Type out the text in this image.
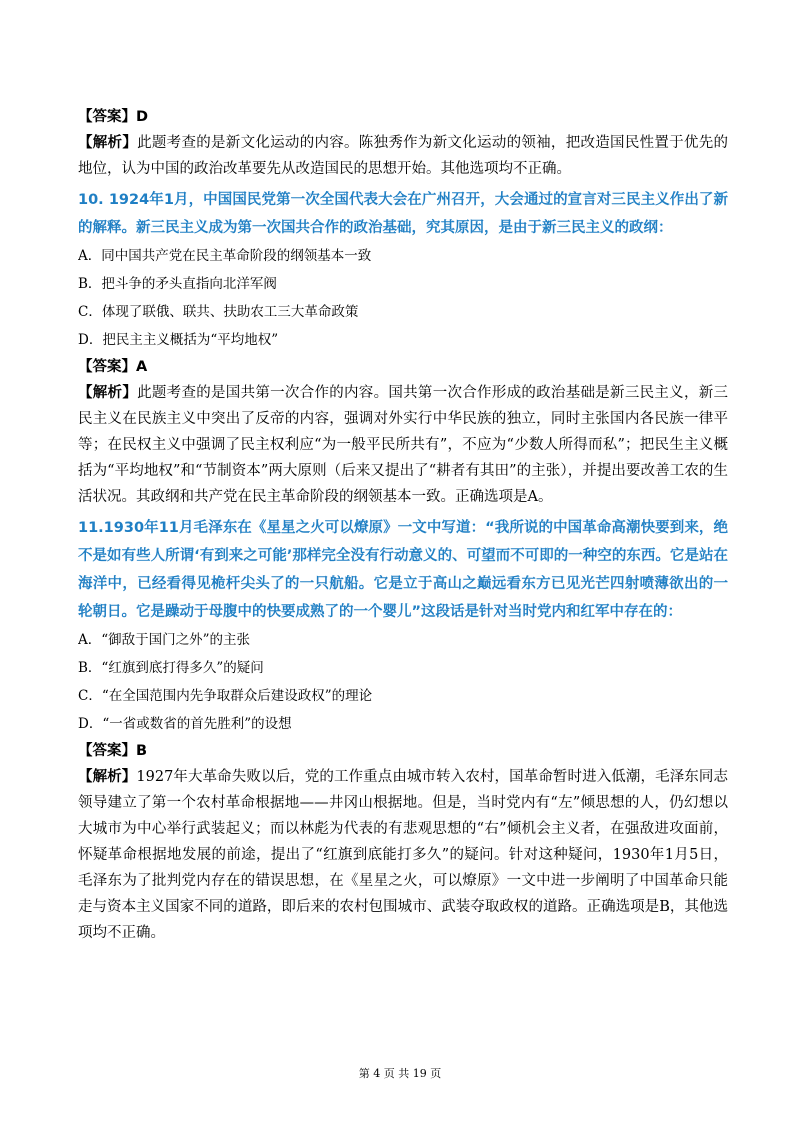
【答案】D

【解析】此题考查的是新文化运动的内容。陈独秀作为新文化运动的领袖，把改造国民性置于优先的地位，认为中国的政治改革要先从改造国民的思想开始。其他选项均不正确。

10. 1924年1月，中国国民党第一次全国代表大会在广州召开，大会通过的宣言对三民主义作出了新的解释。新三民主义成为第一次国共合作的政治基础，究其原因，是由于新三民主义的政纲：

A．同中国共产党在民主革命阶段的纲领基本一致

B．把斗争的矛头直指向北洋军阀

C．体现了联俄、联共、扶助农工三大革命政策

D．把民主主义概括为“平均地权”

【答案】A

【解析】此题考查的是国共第一次合作的内容。国共第一次合作形成的政治基础是新三民主义，新三民主义在民族主义中突出了反帝的内容，强调对外实行中华民族的独立，同时主张国内各民族一律平等；在民权主义中强调了民主权利应“为一般平民所共有”，不应为“少数人所得而私”；把民生主义概括为“平均地权”和“节制资本”两大原则（后来又提出了“耕者有其田”的主张），并提出要改善工农的生活状况。其政纲和共产党在民主革命阶段的纲领基本一致。正确选项是A。

11.1930年11月毛泽东在《星星之火可以燎原》一文中写道：“我所说的中国革命高潮快要到来，绝不是如有些人所谓‘有到来之可能’那样完全没有行动意义的、可望而不可即的一种空的东西。它是站在海洋中，已经看得见桅杆尖头了的一只航船。它是立于高山之巅远看东方已见光芒四射喷薄欲出的一轮朝日。它是躁动于母腹中的快要成熟了的一个婴儿”这段话是针对当时党内和红军中存在的：

A．“御敌于国门之外”的主张

B．“红旗到底打得多久”的疑问

C．“在全国范围内先争取群众后建设政权”的理论

D．“一省或数省的首先胜利”的设想

【答案】B

【解析】1927年大革命失败以后，党的工作重点由城市转入农村，国革命暂时进入低潮，毛泽东同志领导建立了第一个农村革命根据地——井冈山根据地。但是，当时党内有“左”倾思想的人，仍幻想以大城市为中心举行武装起义；而以林彪为代表的有悲观思想的“右”倾机会主义者，在强敌进攻面前，怀疑革命根据地发展的前途，提出了“红旗到底能打多久”的疑问。针对这种疑问，1930年1月5日，毛泽东为了批判党内存在的错误思想，在《星星之火，可以燎原》一文中进一步阐明了中国革命只能走与资本主义国家不同的道路，即后来的农村包围城市、武装夺取政权的道路。正确选项是B，其他选项均不正确。

第 4 页 共 19 页
